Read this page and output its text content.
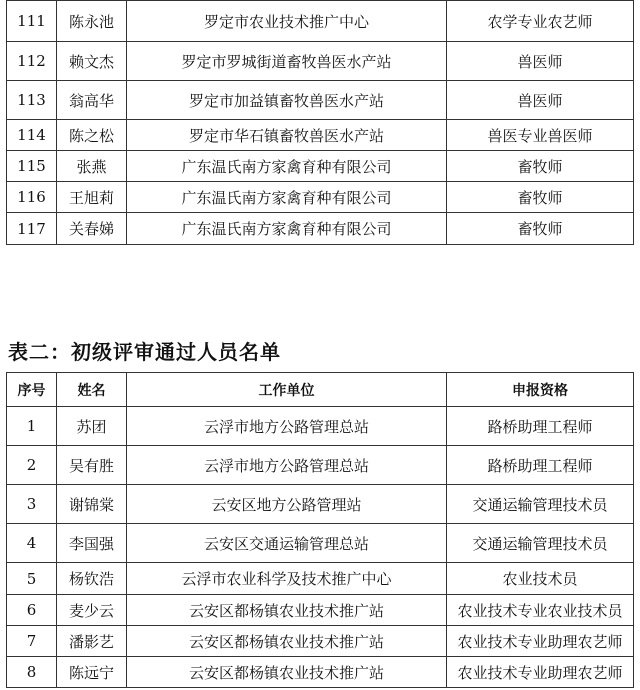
111	陈永池	罗定市农业技术推广中心	农学专业农艺师
112	赖文杰	罗定市罗城街道畜牧兽医水产站	兽医师
113	翁高华	罗定市加益镇畜牧兽医水产站	兽医师
114	陈之松	罗定市华石镇畜牧兽医水产站	兽医专业兽医师
115	张燕	广东温氏南方家禽育种有限公司	畜牧师
116	王旭莉	广东温氏南方家禽育种有限公司	畜牧师
117	关春娣	广东温氏南方家禽育种有限公司	畜牧师
表二：初级评审通过人员名单
序号	姓名	工作单位	申报资格
1	苏团	云浮市地方公路管理总站	路桥助理工程师
2	吴有胜	云浮市地方公路管理总站	路桥助理工程师
3	谢锦棠	云安区地方公路管理站	交通运输管理技术员
4	李国强	云安区交通运输管理总站	交通运输管理技术员
5	杨钦浩	云浮市农业科学及技术推广中心	农业技术员
6	麦少云	云安区都杨镇农业技术推广站	农业技术专业农业技术员
7	潘影艺	云安区都杨镇农业技术推广站	农业技术专业助理农艺师
8	陈远宁	云安区都杨镇农业技术推广站	农业技术专业助理农艺师
